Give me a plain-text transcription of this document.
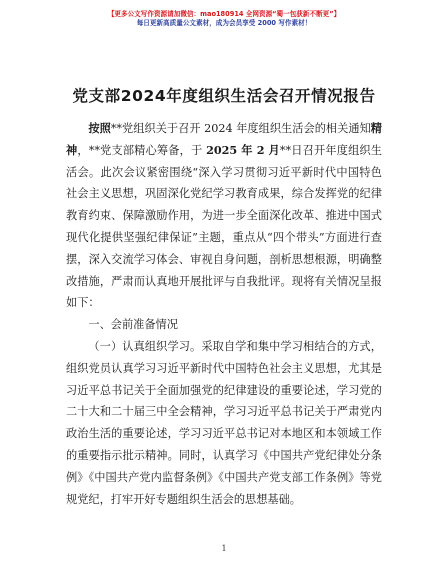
【更多公文写作资源请加微信：mao180914 全网资源“蜀一包获新不断更”】
每日更新高质量公文素材，成为会员享受 2000 写作素材！
党支部2024年度组织生活会召开情况报告

按照**党组织关于召开 2024 年度组织生活会的相关通知精神，**党支部精心筹备，于 2025 年 2 月**日召开年度组织生活会。此次会议紧密围绕“深入学习贯彻习近平新时代中国特色社会主义思想，巩固深化党纪学习教育成果，综合发挥党的纪律教育约束、保障激励作用，为进一步全面深化改革、推进中国式现代化提供坚强纪律保证”主题，重点从“四个带头”方面进行查摆，深入交流学习体会、审视自身问题，剖析思想根源，明确整改措施，严肃而认真地开展批评与自我批评。现将有关情况呈报如下：

一、会前准备情况

（一）认真组织学习。采取自学和集中学习相结合的方式，组织党员认真学习习近平新时代中国特色社会主义思想，尤其是习近平总书记关于全面加强党的纪律建设的重要论述，学习党的二十大和二十届三中全会精神，学习习近平总书记关于严肃党内政治生活的重要论述，学习习近平总书记对本地区和本领域工作的重要指示批示精神。同时，认真学习《中国共产党纪律处分条例》《中国共产党内监督条例》《中国共产党支部工作条例》等党规党纪，打牢开好专题组织生活会的思想基础。

1
